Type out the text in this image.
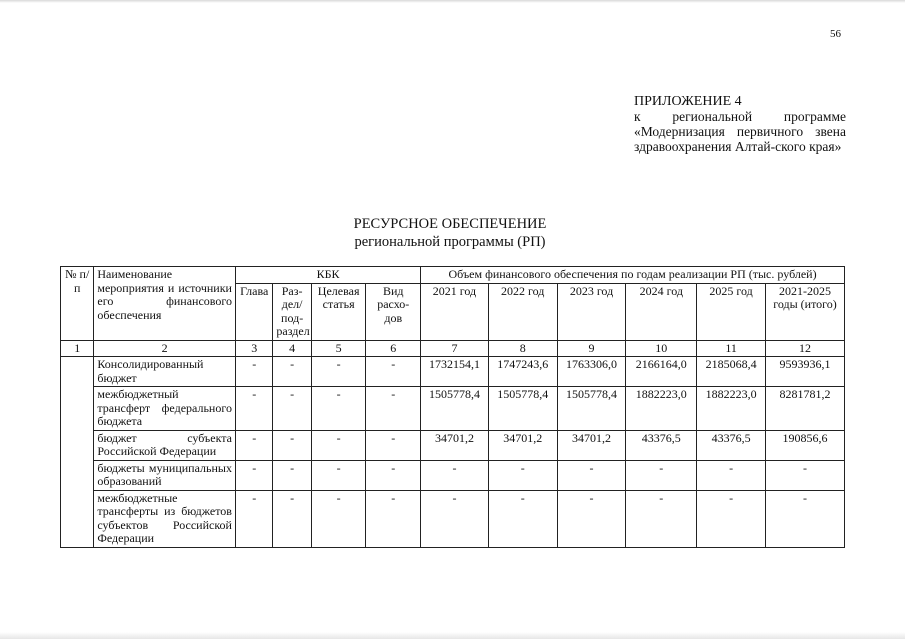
56
ПРИЛОЖЕНИЕ 4
к региональной программе «Модернизация первичного звена здравоохранения Алтай-ского края»
РЕСУРСНОЕ ОБЕСПЕЧЕНИЕ
региональной программы (РП)
№ п/п	Наименование мероприятия и источники его финансового обеспечения	КБК				Объем финансового обеспечения по годам реализации РП (тыс. рублей)					
		Глава	Раз-дел/ под-раздел	Целевая статья	Вид расхо-дов	2021 год	2022 год	2023 год	2024 год	2025 год	2021-2025 годы (итого)
1	2	3	4	5	6	7	8	9	10	11	12
	Консолидированный бюджет	-	-	-	-	1732154,1	1747243,6	1763306,0	2166164,0	2185068,4	9593936,1
	межбюджетный трансферт федерального бюджета	-	-	-	-	1505778,4	1505778,4	1505778,4	1882223,0	1882223,0	8281781,2
	бюджет субъекта Российской Федерации	-	-	-	-	34701,2	34701,2	34701,2	43376,5	43376,5	190856,6
	бюджеты муниципальных образований	-	-	-	-	-	-	-	-	-	-
	межбюджетные трансферты из бюджетов субъектов Российской Федерации	-	-	-	-	-	-	-	-	-	-
